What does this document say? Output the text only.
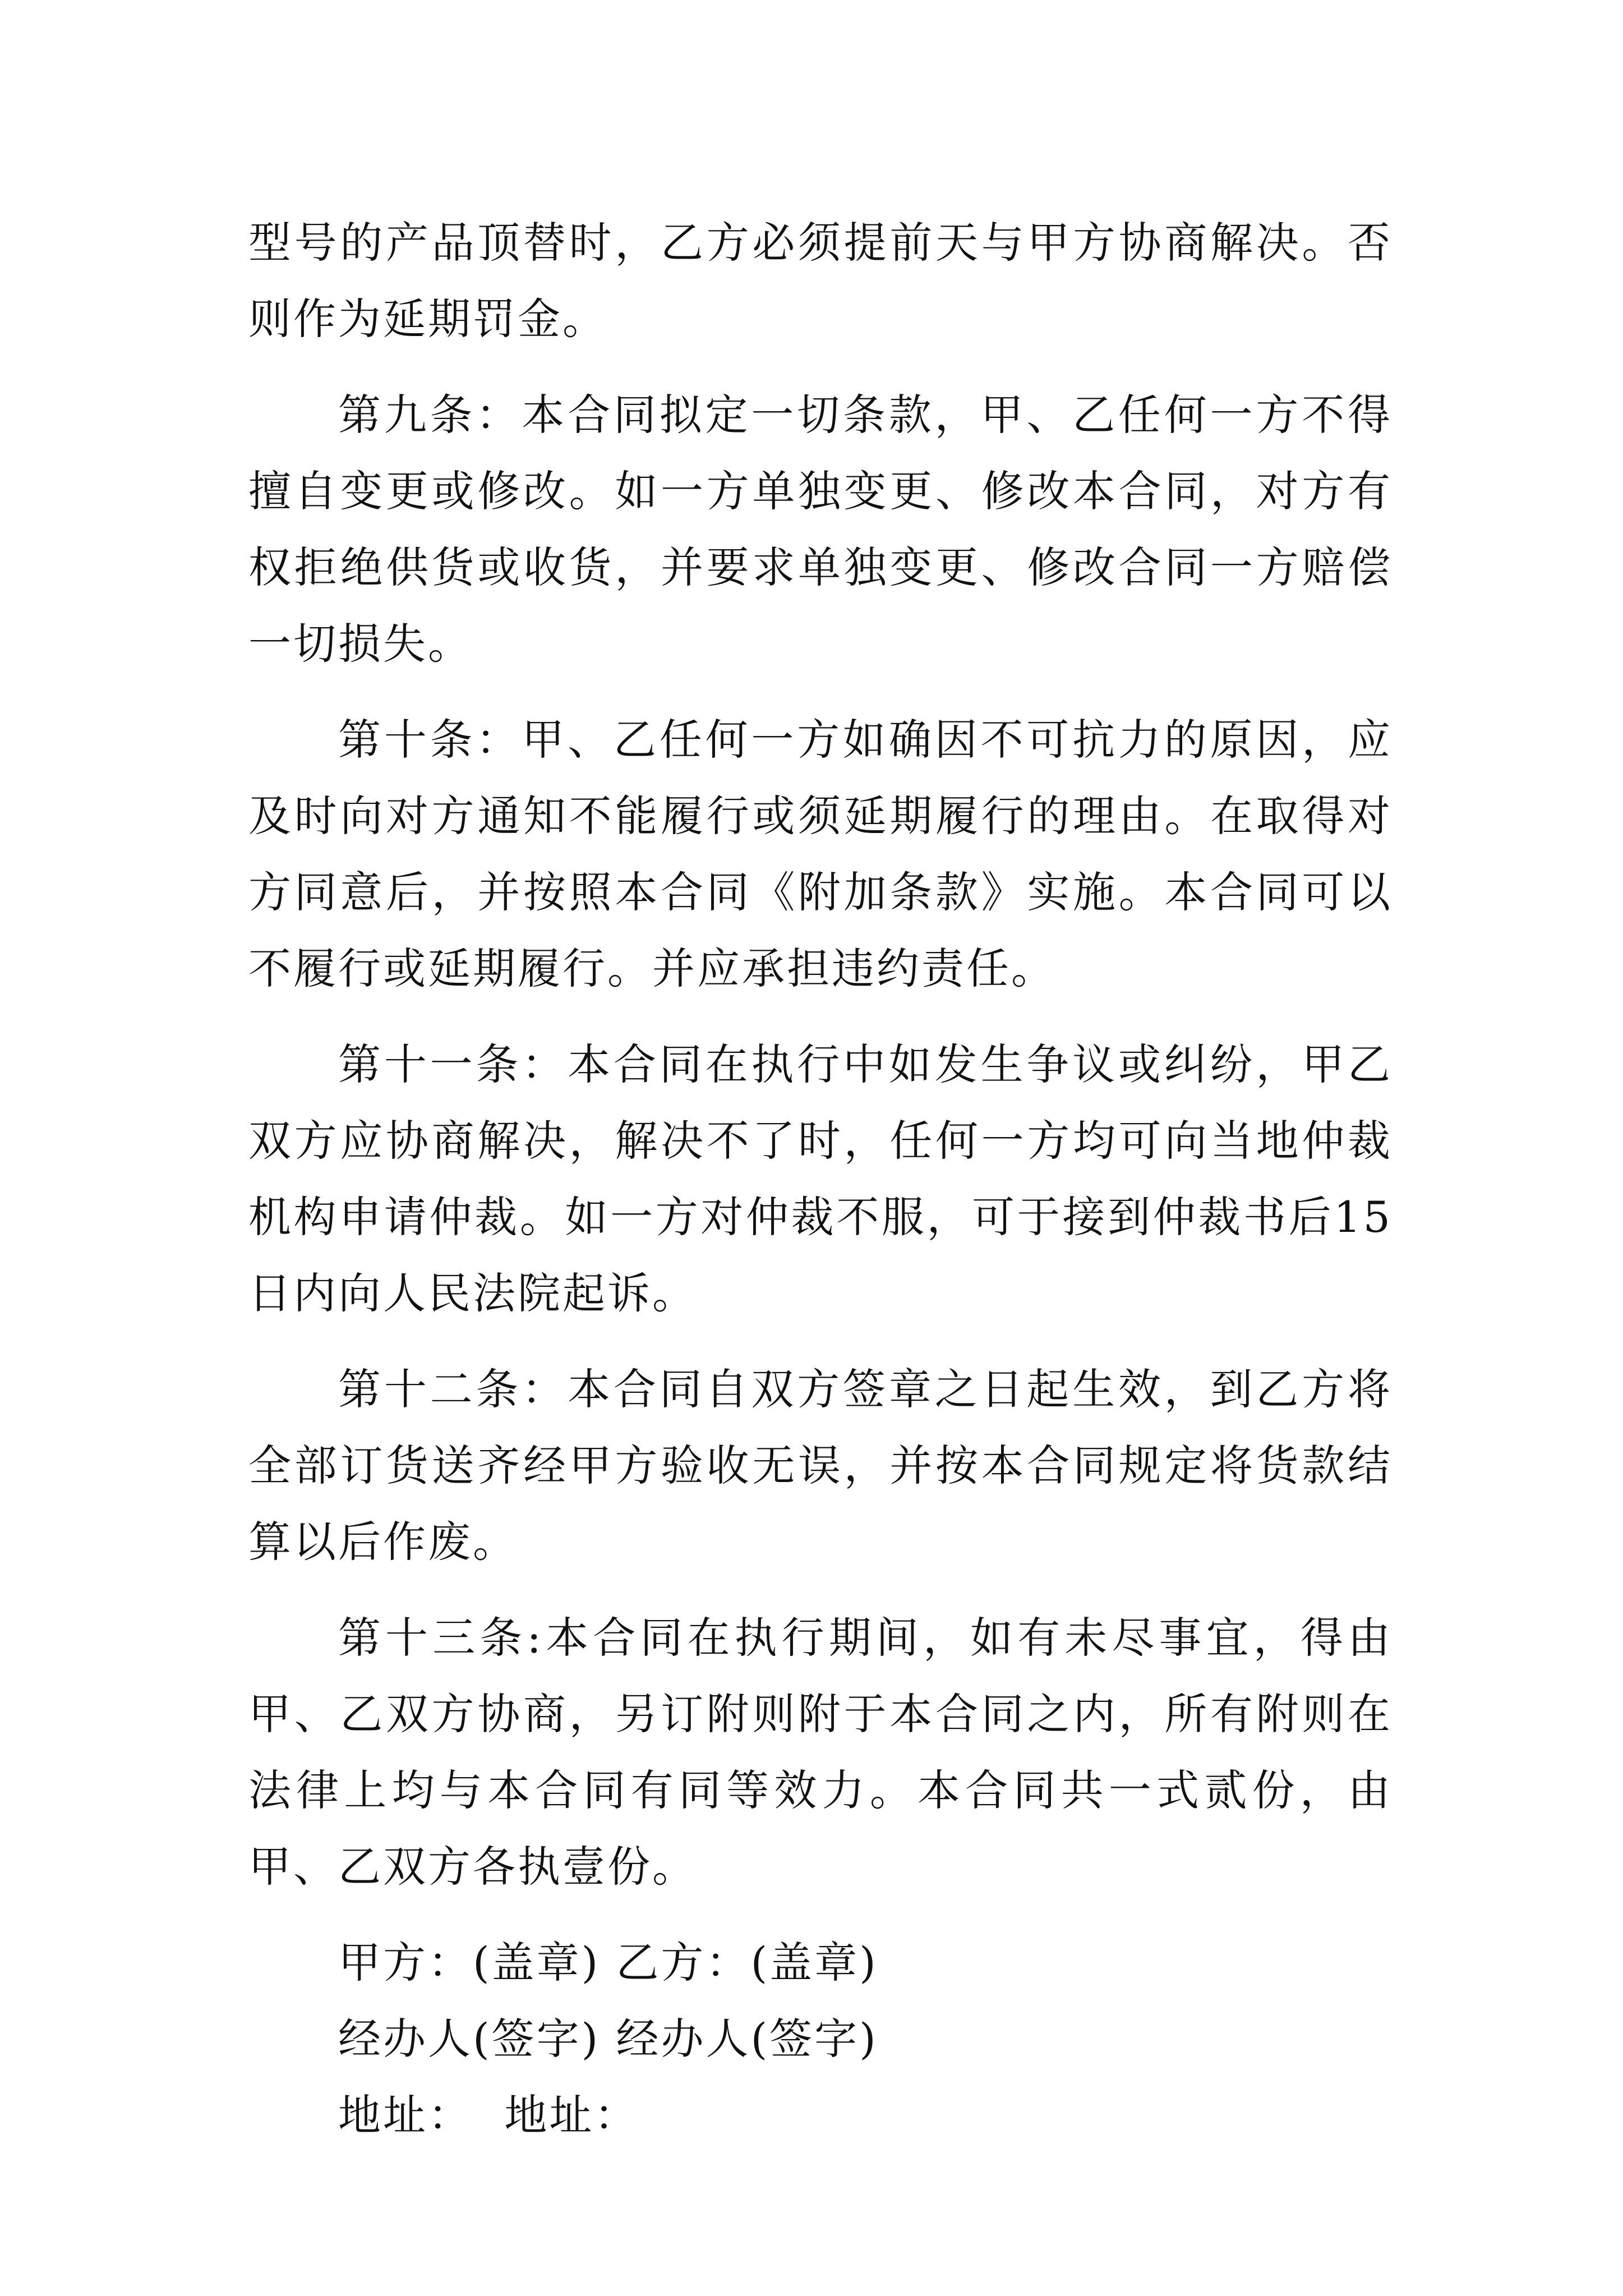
型号的产品顶替时，乙方必须提前天与甲方协商解决。否则作为延期罚金。

第九条：本合同拟定一切条款，甲、乙任何一方不得擅自变更或修改。如一方单独变更、修改本合同，对方有权拒绝供货或收货，并要求单独变更、修改合同一方赔偿一切损失。

第十条：甲、乙任何一方如确因不可抗力的原因，应及时向对方通知不能履行或须延期履行的理由。在取得对方同意后，并按照本合同《附加条款》实施。本合同可以不履行或延期履行。并应承担违约责任。

第十一条：本合同在执行中如发生争议或纠纷，甲乙双方应协商解决，解决不了时，任何一方均可向当地仲裁机构申请仲裁。如一方对仲裁不服，可于接到仲裁书后15日内向人民法院起诉。

第十二条：本合同自双方签章之日起生效，到乙方将全部订货送齐经甲方验收无误，并按本合同规定将货款结算以后作废。

第十三条:本合同在执行期间，如有未尽事宜，得由甲、乙双方协商，另订附则附于本合同之内，所有附则在法律上均与本合同有同等效力。本合同共一式贰份，由甲、乙双方各执壹份。

甲方：(盖章) 乙方：(盖章)

经办人(签字) 经办人(签字)

地址：  地址：
